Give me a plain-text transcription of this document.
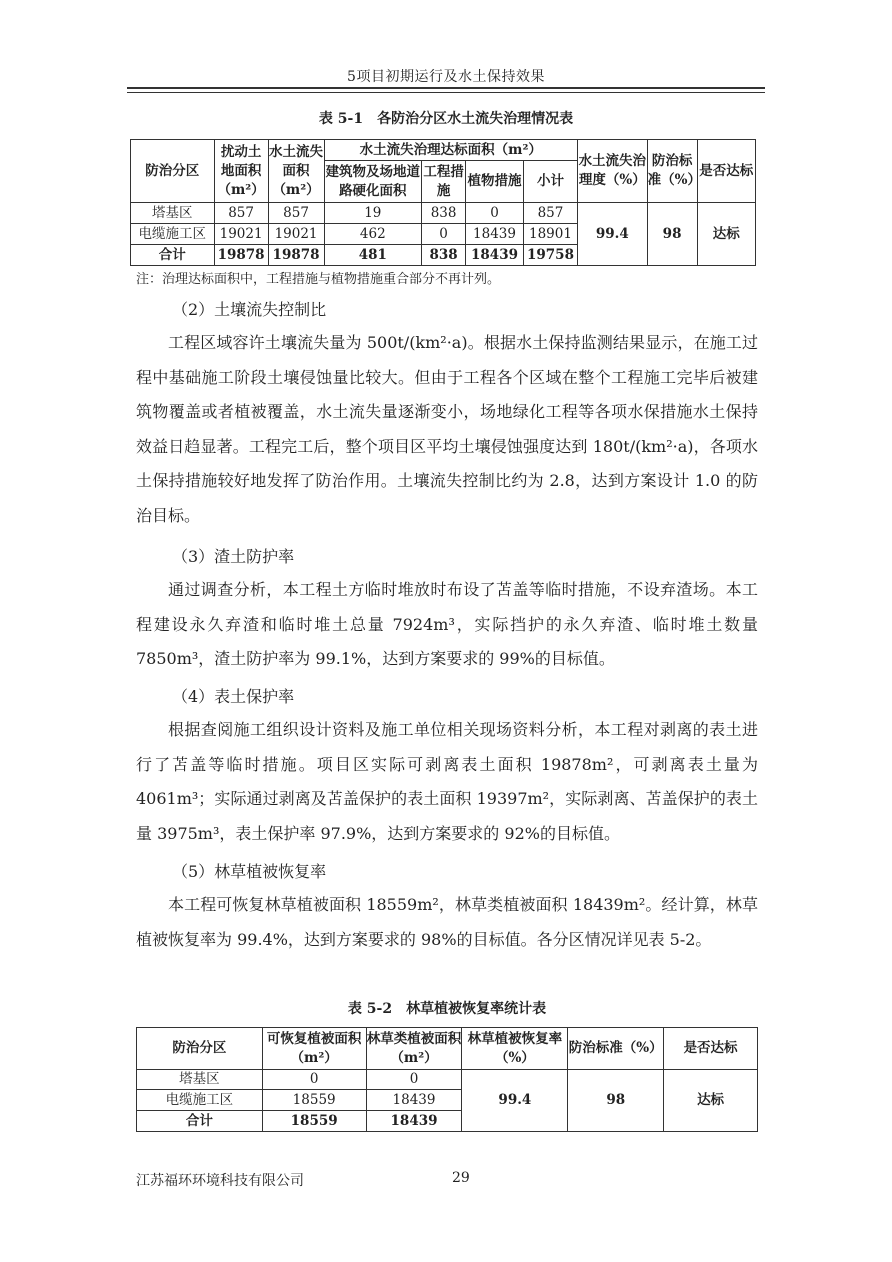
5项目初期运行及水土保持效果
表 5-1　各防治分区水土流失治理情况表
防治分区	扰动土地面积（m²）	水土流失面积（m²）	水土流失治理达标面积（m²）			
			建筑物及场地道路硬化面积	工程措施	植物措施	小计

塔基区	857	857	19	838	0	857
电缆施工区	19021	19021	462	0	18439	18901
合计	19878	19878	481	838	18439	19758
水土流失治理度（%）	防治标准（%）	是否达标
99.4	98	达标
注：治理达标面积中，工程措施与植物措施重合部分不再计列。
（2）土壤流失控制比

工程区域容许土壤流失量为 500t/(km²·a)。根据水土保持监测结果显示，在施工过程中基础施工阶段土壤侵蚀量比较大。但由于工程各个区域在整个工程施工完毕后被建筑物覆盖或者植被覆盖，水土流失量逐渐变小，场地绿化工程等各项水保措施水土保持效益日趋显著。工程完工后，整个项目区平均土壤侵蚀强度达到 180t/(km²·a)，各项水土保持措施较好地发挥了防治作用。土壤流失控制比约为 2.8，达到方案设计 1.0 的防治目标。

（3）渣土防护率

通过调查分析，本工程土方临时堆放时布设了苫盖等临时措施，不设弃渣场。本工程建设永久弃渣和临时堆土总量 7924m³，实际挡护的永久弃渣、临时堆土数量 7850m³，渣土防护率为 99.1%，达到方案要求的 99%的目标值。

（4）表土保护率

根据查阅施工组织设计资料及施工单位相关现场资料分析，本工程对剥离的表土进行了苫盖等临时措施。项目区实际可剥离表土面积 19878m²，可剥离表土量为 4061m³；实际通过剥离及苫盖保护的表土面积 19397m²，实际剥离、苫盖保护的表土量 3975m³，表土保护率 97.9%，达到方案要求的 92%的目标值。

（5）林草植被恢复率

本工程可恢复林草植被面积 18559m²，林草类植被面积 18439m²。经计算，林草植被恢复率为 99.4%，达到方案要求的 98%的目标值。各分区情况详见表 5-2。

表 5-2　林草植被恢复率统计表
防治分区	可恢复植被面积（m²）	林草类植被面积（m²）	林草植被恢复率（%）	防治标准（%）	是否达标
塔基区	0	0	99.4	98	达标
电缆施工区	18559	18439			
合计	18559	18439			
江苏福环环境科技有限公司	29
